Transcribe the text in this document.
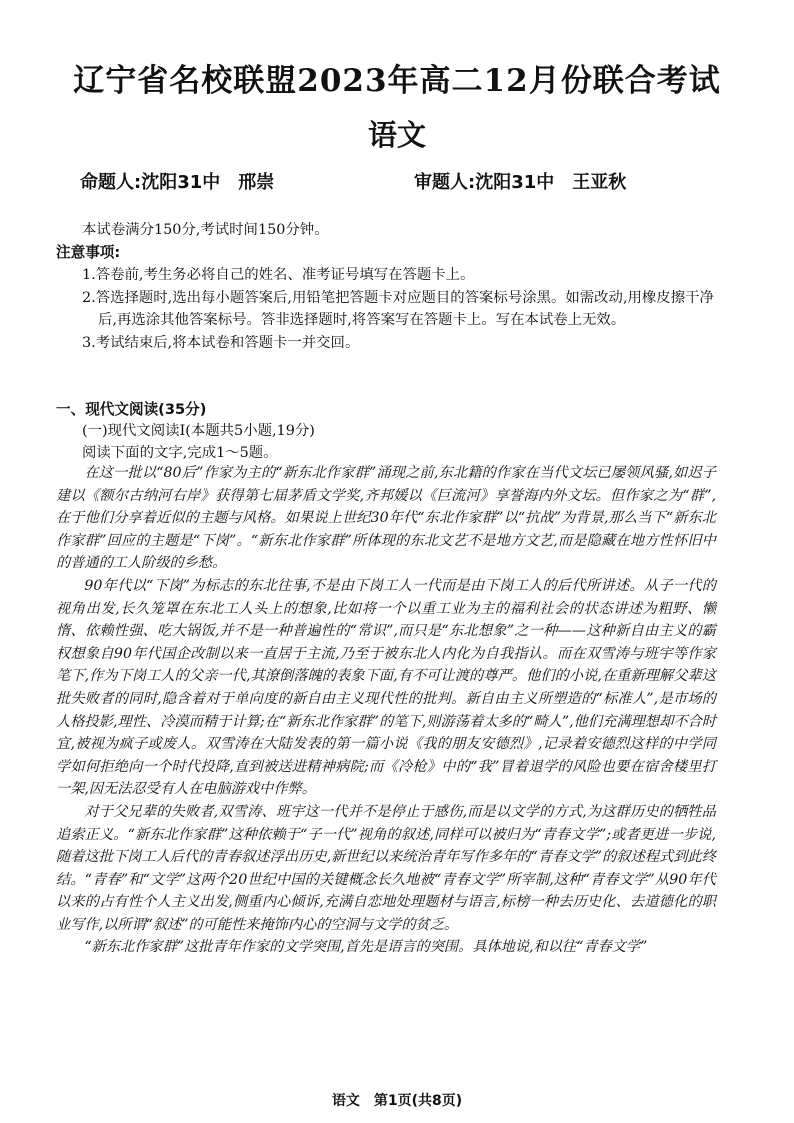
辽宁省名校联盟2023年高二12月份联合考试
语文
命题人:沈阳31中　邢崇	审题人:沈阳31中　王亚秋
本试卷满分150分,考试时间150分钟。
注意事项:
1.答卷前,考生务必将自己的姓名、准考证号填写在答题卡上。
2.答选择题时,选出每小题答案后,用铅笔把答题卡对应题目的答案标号涂黑。如需改动,用橡皮擦干净后,再选涂其他答案标号。答非选择题时,将答案写在答题卡上。写在本试卷上无效。
3.考试结束后,将本试卷和答题卡一并交回。
一、现代文阅读(35分)
(一)现代文阅读Ⅰ(本题共5小题,19分)
阅读下面的文字,完成1～5题。

在这一批以“80后”作家为主的“新东北作家群”涌现之前,东北籍的作家在当代文坛已屡领风骚,如迟子建以《额尔古纳河右岸》获得第七届茅盾文学奖,齐邦媛以《巨流河》享誉海内外文坛。但作家之为“群”,在于他们分享着近似的主题与风格。如果说上世纪30年代“东北作家群”以“抗战”为背景,那么当下“新东北作家群”回应的主题是“下岗”。“新东北作家群”所体现的东北文艺不是地方文艺,而是隐藏在地方性怀旧中的普通的工人阶级的乡愁。

90年代以“下岗”为标志的东北往事,不是由下岗工人一代而是由下岗工人的后代所讲述。从子一代的视角出发,长久笼罩在东北工人头上的想象,比如将一个以重工业为主的福利社会的状态讲述为粗野、懒惰、依赖性强、吃大锅饭,并不是一种普遍性的“常识”,而只是“东北想象”之一种——这种新自由主义的霸权想象自90年代国企改制以来一直居于主流,乃至于被东北人内化为自我指认。而在双雪涛与班宇等作家笔下,作为下岗工人的父亲一代,其潦倒落魄的表象下面,有不可让渡的尊严。他们的小说,在重新理解父辈这批失败者的同时,隐含着对于单向度的新自由主义现代性的批判。新自由主义所塑造的“标准人”,是市场的人格投影,理性、冷漠而精于计算;在“新东北作家群”的笔下,则游荡着太多的“畸人”,他们充满理想却不合时宜,被视为疯子或废人。双雪涛在大陆发表的第一篇小说《我的朋友安德烈》,记录着安德烈这样的中学同学如何拒绝向一个时代投降,直到被送进精神病院;而《冷枪》中的“我”冒着退学的风险也要在宿舍楼里打一架,因无法忍受有人在电脑游戏中作弊。

对于父兄辈的失败者,双雪涛、班宇这一代并不是停止于感伤,而是以文学的方式,为这群历史的牺牲品追索正义。“新东北作家群”这种依赖于“子一代”视角的叙述,同样可以被归为“青春文学”;或者更进一步说,随着这批下岗工人后代的青春叙述浮出历史,新世纪以来统治青年写作多年的“青春文学”的叙述程式到此终结。“青春”和“文学”这两个20世纪中国的关键概念长久地被“青春文学”所宰制,这种“青春文学”从90年代以来的占有性个人主义出发,侧重内心倾诉,充满自恋地处理题材与语言,标榜一种去历史化、去道德化的职业写作,以所谓“叙述”的可能性来掩饰内心的空洞与文学的贫乏。

“新东北作家群”这批青年作家的文学突围,首先是语言的突围。具体地说,和以往“青春文学”

语文　第1页(共8页)
